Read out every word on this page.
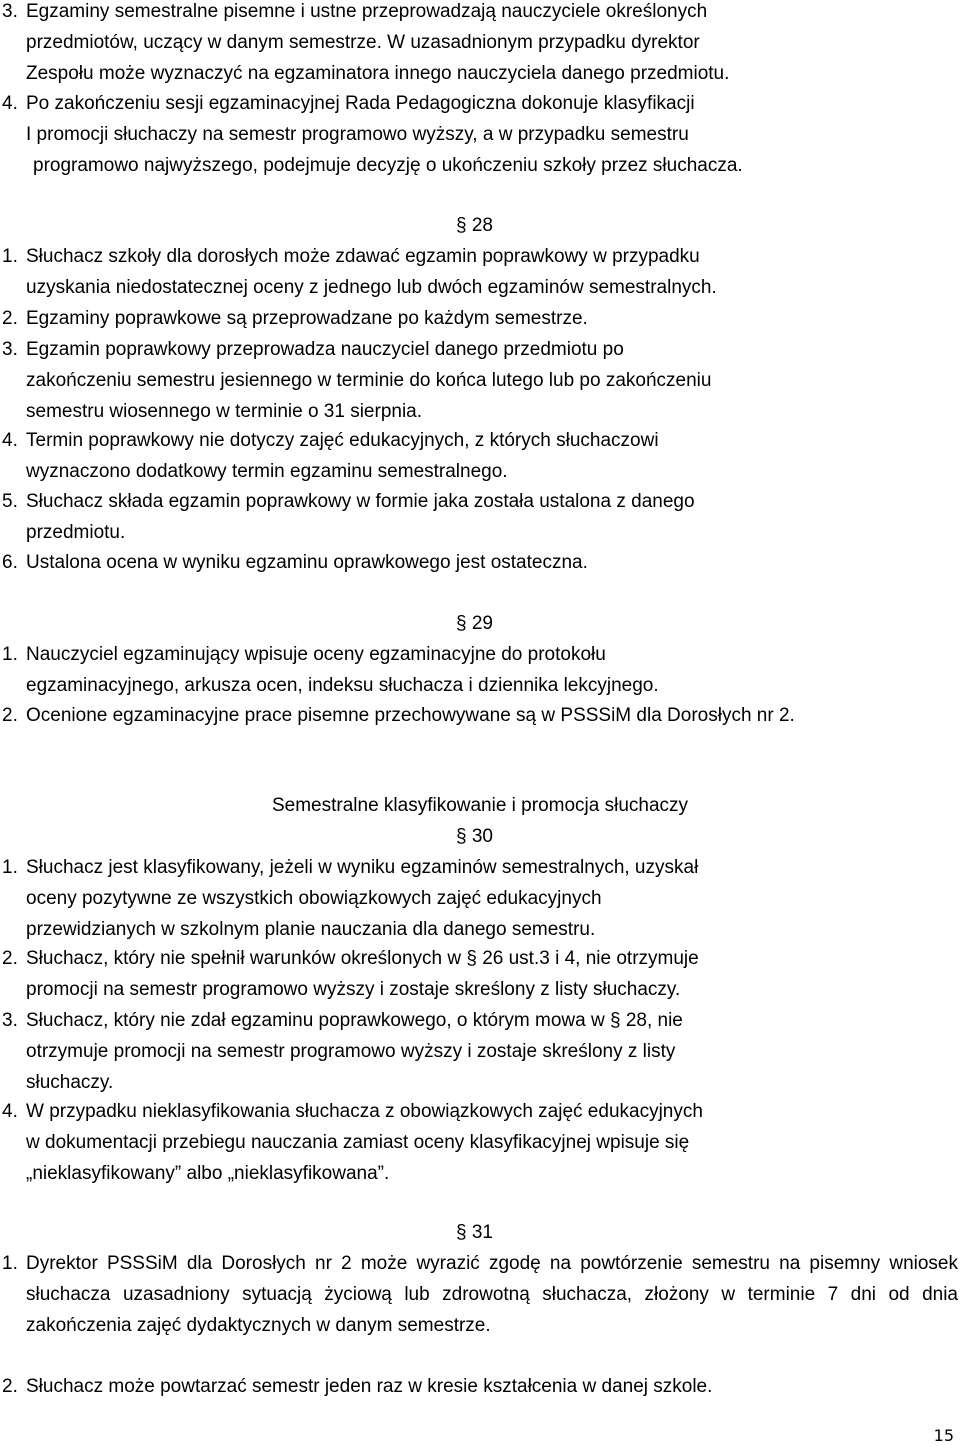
3. Egzaminy semestralne pisemne i ustne przeprowadzają nauczyciele określonych
przedmiotów, uczący w danym semestrze. W uzasadnionym przypadku dyrektor
Zespołu może wyznaczyć na egzaminatora innego nauczyciela danego przedmiotu.
4. Po zakończeniu sesji egzaminacyjnej Rada Pedagogiczna dokonuje klasyfikacji
I promocji słuchaczy na semestr programowo wyższy, a w przypadku semestru
programowo najwyższego, podejmuje decyzję o ukończeniu szkoły przez słuchacza.
§ 28
1. Słuchacz szkoły dla dorosłych może zdawać egzamin poprawkowy w przypadku
uzyskania niedostatecznej oceny z jednego lub dwóch egzaminów semestralnych.
2. Egzaminy poprawkowe są przeprowadzane po każdym semestrze.
3. Egzamin poprawkowy przeprowadza nauczyciel danego przedmiotu po
zakończeniu semestru jesiennego w terminie do końca lutego lub po zakończeniu
semestru wiosennego w terminie o 31 sierpnia.
4. Termin poprawkowy nie dotyczy zajęć edukacyjnych, z których słuchaczowi
wyznaczono dodatkowy termin egzaminu semestralnego.
5. Słuchacz składa egzamin poprawkowy w formie jaka została ustalona z danego
przedmiotu.
6. Ustalona ocena w wyniku egzaminu oprawkowego jest ostateczna.
§ 29
1. Nauczyciel egzaminujący wpisuje oceny egzaminacyjne do protokołu
egzaminacyjnego, arkusza ocen, indeksu słuchacza i dziennika lekcyjnego.
2. Ocenione egzaminacyjne prace pisemne przechowywane są w PSSSiM dla Dorosłych nr 2.
Semestralne klasyfikowanie i promocja słuchaczy
§ 30
1. Słuchacz jest klasyfikowany, jeżeli w wyniku egzaminów semestralnych, uzyskał
oceny pozytywne ze wszystkich obowiązkowych zajęć edukacyjnych
przewidzianych w szkolnym planie nauczania dla danego semestru.
2. Słuchacz, który nie spełnił warunków określonych w § 26 ust.3 i 4, nie otrzymuje
promocji na semestr programowo wyższy i zostaje skreślony z listy słuchaczy.
3. Słuchacz, który nie zdał egzaminu poprawkowego, o którym mowa w § 28, nie
otrzymuje promocji na semestr programowo wyższy i zostaje skreślony z listy
słuchaczy.
4. W przypadku nieklasyfikowania słuchacza z obowiązkowych zajęć edukacyjnych
w dokumentacji przebiegu nauczania zamiast oceny klasyfikacyjnej wpisuje się
„nieklasyfikowany” albo „nieklasyfikowana”.
§ 31
1. Dyrektor PSSSiM dla Dorosłych nr 2 może wyrazić zgodę na powtórzenie semestru na pisemny wniosek słuchacza uzasadniony sytuacją życiową lub zdrowotną słuchacza, złożony w terminie 7 dni od dnia zakończenia zajęć dydaktycznych w danym semestrze.
2. Słuchacz może powtarzać semestr jeden raz w kresie kształcenia w danej szkole.
15
